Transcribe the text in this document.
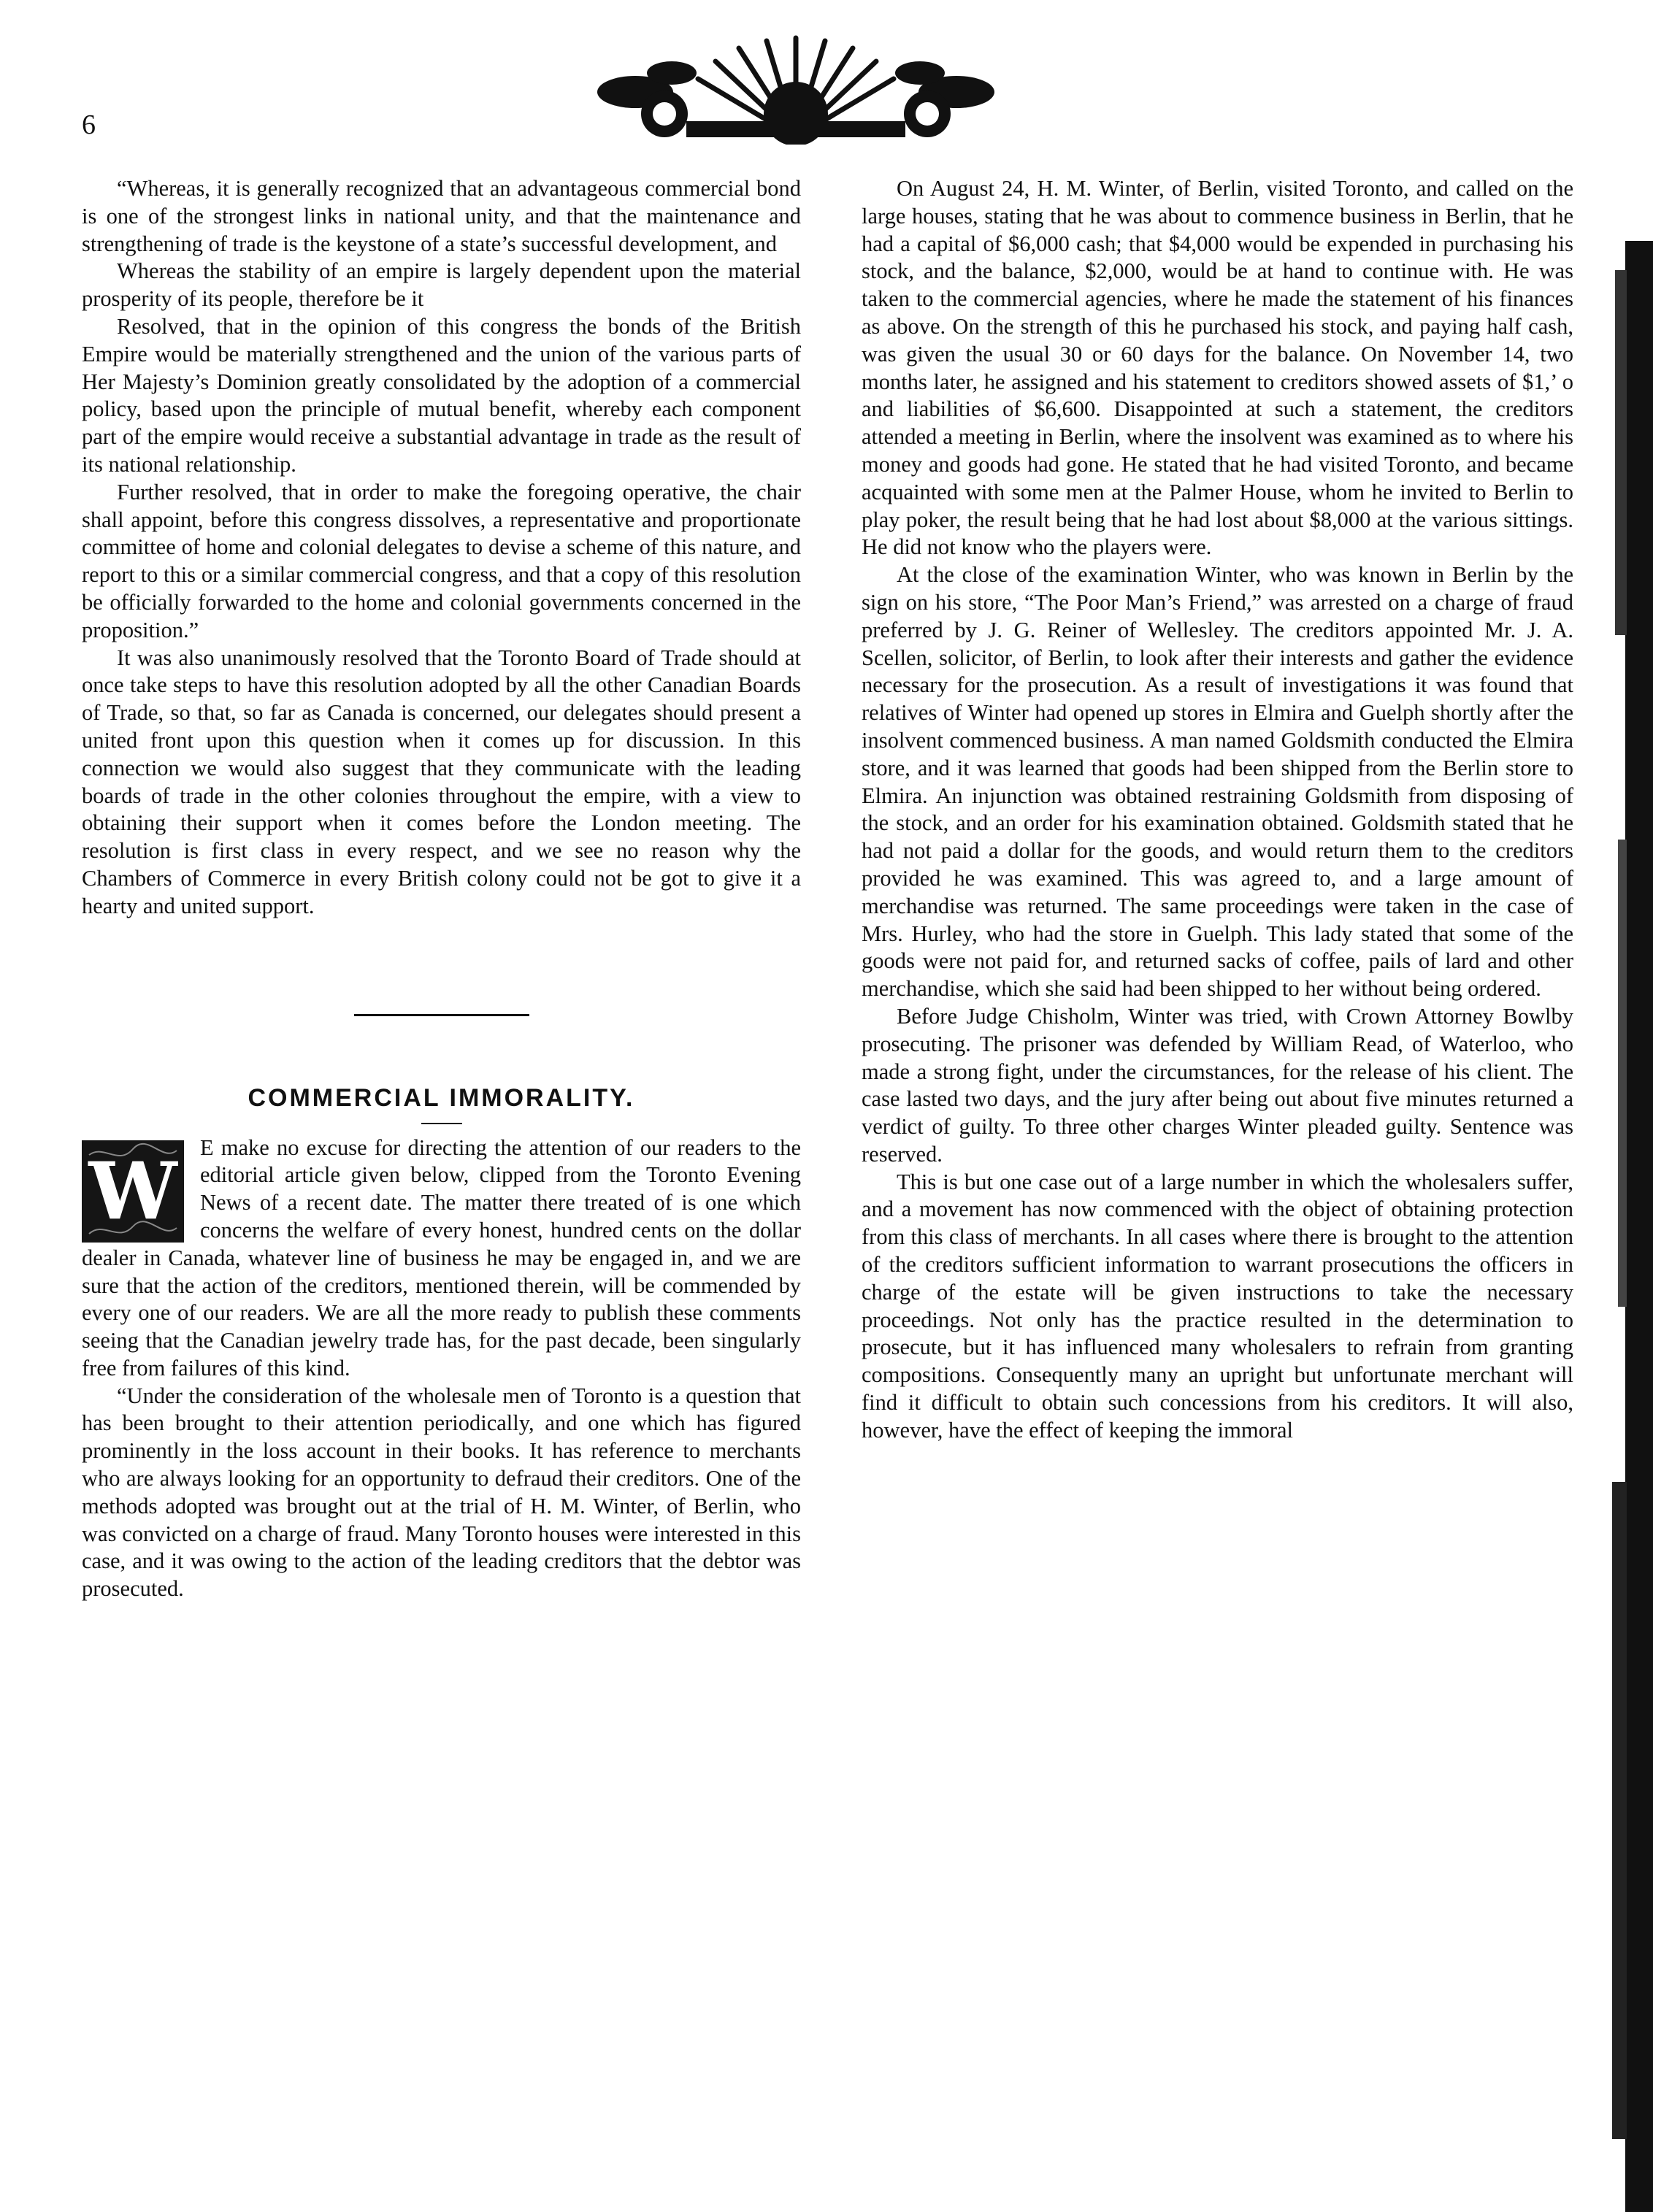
6

“Whereas, it is generally recognized that an advantageous commercial bond is one of the strongest links in national unity, and that the maintenance and strengthening of trade is the keystone of a state’s successful development, and

Whereas the stability of an empire is largely dependent upon the material prosperity of its people, therefore be it

Resolved, that in the opinion of this congress the bonds of the British Empire would be materially strengthened and the union of the various parts of Her Majesty’s Dominion greatly consolidated by the adoption of a commercial policy, based upon the principle of mutual benefit, whereby each component part of the empire would receive a substantial advantage in trade as the result of its national relationship.

Further resolved, that in order to make the foregoing operative, the chair shall appoint, before this congress dissolves, a representative and proportionate committee of home and colonial delegates to devise a scheme of this nature, and report to this or a similar commercial congress, and that a copy of this resolution be officially forwarded to the home and colonial governments concerned in the proposition.”

It was also unanimously resolved that the Toronto Board of Trade should at once take steps to have this resolution adopted by all the other Canadian Boards of Trade, so that, so far as Canada is concerned, our delegates should present a united front upon this question when it comes up for discussion. In this connection we would also suggest that they communicate with the leading boards of trade in the other colonies throughout the empire, with a view to obtaining their support when it comes before the London meeting. The resolution is first class in every respect, and we see no reason why the Chambers of Commerce in every British colony could not be got to give it a hearty and united support.

COMMERCIAL IMMORALITY.

W	E make no excuse for directing the attention of our readers to the editorial article given below, clipped from the Toronto Evening News of a recent date. The matter there treated of is one which concerns the welfare of every honest, hundred cents on the dollar dealer in Canada, whatever line of business he may be engaged in, and we are sure that the action of the creditors, mentioned therein, will be commended by every one of our readers. We are all the more ready to publish these comments seeing that the Canadian jewelry trade has, for the past decade, been singularly free from failures of this kind.

“Under the consideration of the wholesale men of Toronto is a question that has been brought to their attention periodically, and one which has figured prominently in the loss account in their books. It has reference to merchants who are always looking for an opportunity to defraud their creditors. One of the methods adopted was brought out at the trial of H. M. Winter, of Berlin, who was convicted on a charge of fraud. Many Toronto houses were interested in this case, and it was owing to the action of the leading creditors that the debtor was prosecuted.

On August 24, H. M. Winter, of Berlin, visited Toronto, and called on the large houses, stating that he was about to commence business in Berlin, that he had a capital of $6,000 cash; that $4,000 would be expended in purchasing his stock, and the balance, $2,000, would be at hand to continue with. He was taken to the commercial agencies, where he made the statement of his finances as above. On the strength of this he purchased his stock, and paying half cash, was given the usual 30 or 60 days for the balance. On November 14, two months later, he assigned and his statement to creditors showed assets of $1,’ o and liabilities of $6,600. Disappointed at such a statement, the creditors attended a meeting in Berlin, where the insolvent was examined as to where his money and goods had gone. He stated that he had visited Toronto, and became acquainted with some men at the Palmer House, whom he invited to Berlin to play poker, the result being that he had lost about $8,000 at the various sittings. He did not know who the players were.

At the close of the examination Winter, who was known in Berlin by the sign on his store, “The Poor Man’s Friend,” was arrested on a charge of fraud preferred by J. G. Reiner of Wellesley. The creditors appointed Mr. J. A. Scellen, solicitor, of Berlin, to look after their interests and gather the evidence necessary for the prosecution. As a result of investigations it was found that relatives of Winter had opened up stores in Elmira and Guelph shortly after the insolvent commenced business. A man named Goldsmith conducted the Elmira store, and it was learned that goods had been shipped from the Berlin store to Elmira. An injunction was obtained restraining Goldsmith from disposing of the stock, and an order for his examination obtained. Goldsmith stated that he had not paid a dollar for the goods, and would return them to the creditors provided he was examined. This was agreed to, and a large amount of merchandise was returned. The same proceedings were taken in the case of Mrs. Hurley, who had the store in Guelph. This lady stated that some of the goods were not paid for, and returned sacks of coffee, pails of lard and other merchandise, which she said had been shipped to her without being ordered.

Before Judge Chisholm, Winter was tried, with Crown Attorney Bowlby prosecuting. The prisoner was defended by William Read, of Waterloo, who made a strong fight, under the circumstances, for the release of his client. The case lasted two days, and the jury after being out about five minutes returned a verdict of guilty. To three other charges Winter pleaded guilty. Sentence was reserved.

This is but one case out of a large number in which the wholesalers suffer, and a movement has now commenced with the object of obtaining protection from this class of merchants. In all cases where there is brought to the attention of the creditors sufficient information to warrant prosecutions the officers in charge of the estate will be given instructions to take the necessary proceedings. Not only has the practice resulted in the determination to prosecute, but it has influenced many wholesalers to refrain from granting compositions. Consequently many an upright but unfortunate merchant will find it difficult to obtain such concessions from his creditors. It will also, however, have the effect of keeping the immoral
